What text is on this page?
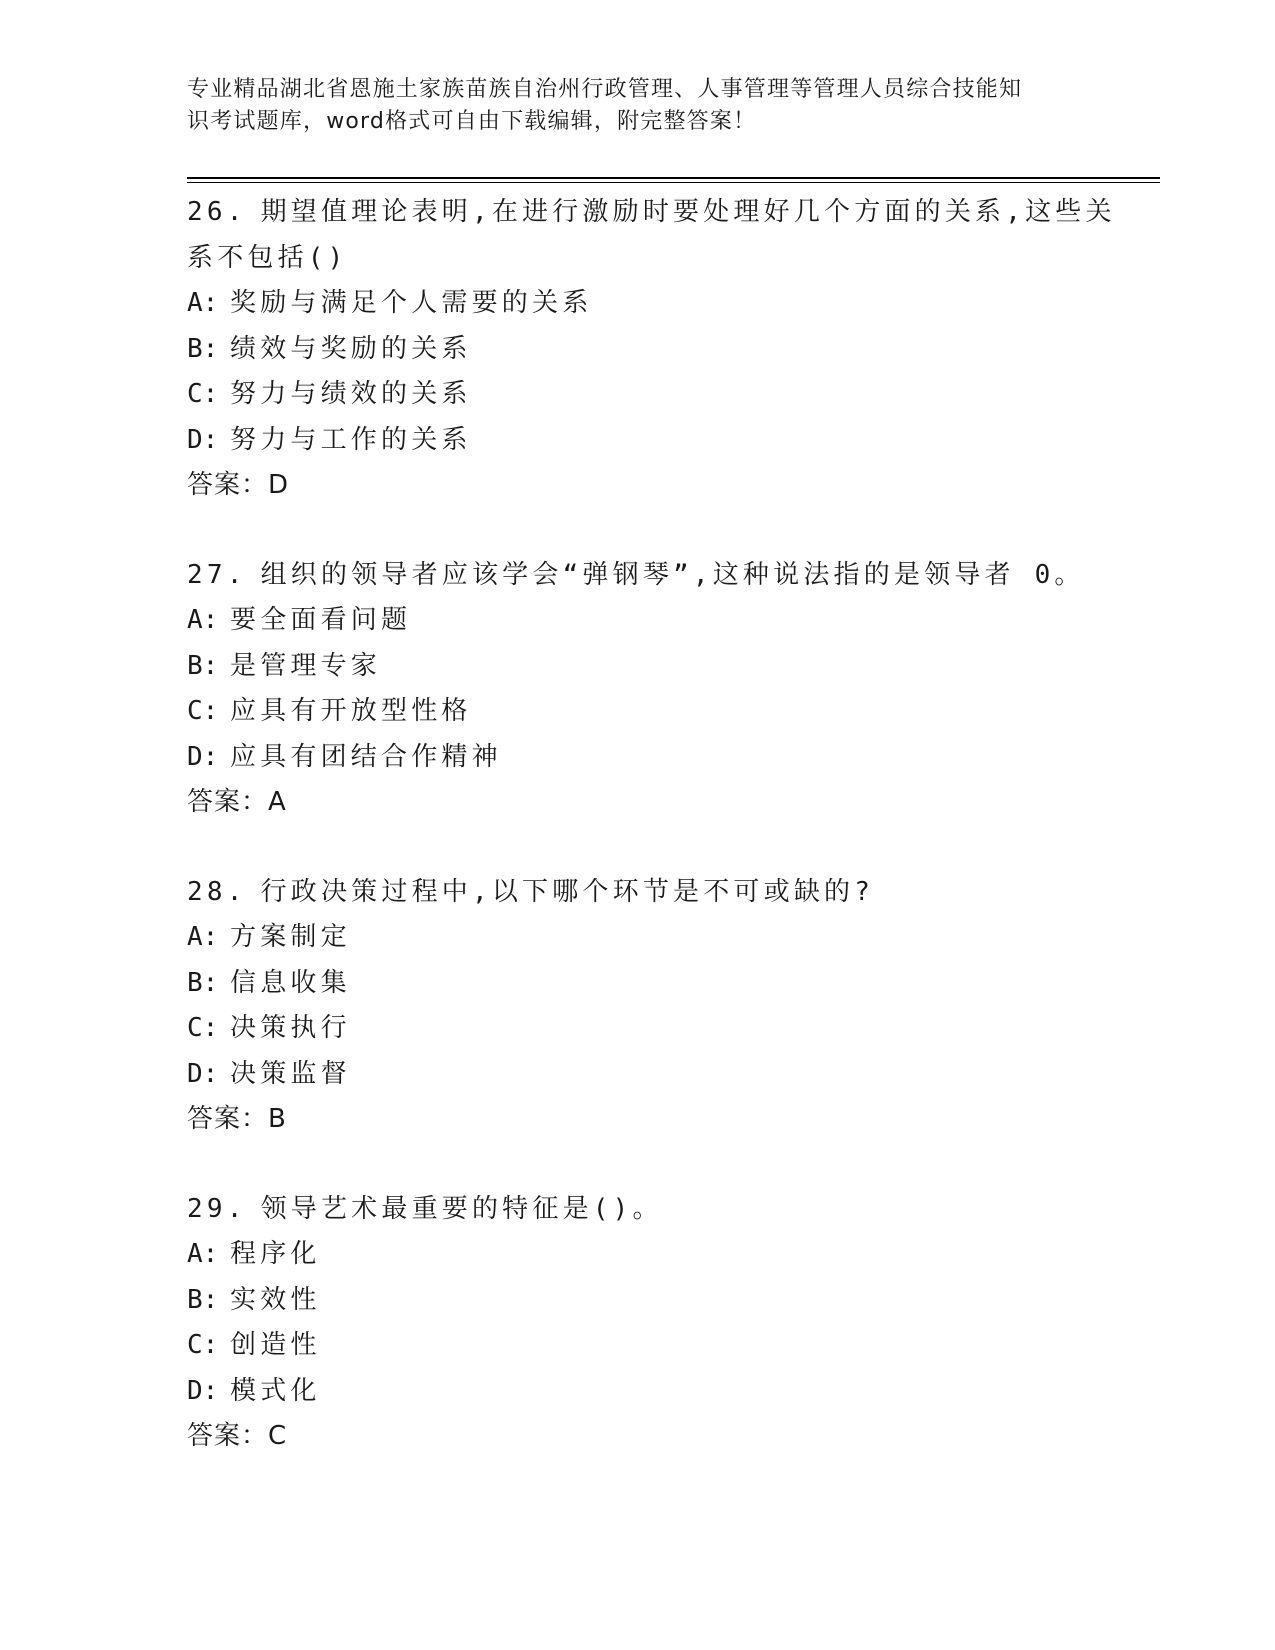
专业精品湖北省恩施土家族苗族自治州行政管理、人事管理等管理人员综合技能知
识考试题库，word格式可自由下载编辑，附完整答案！
26. 期望值理论表明,在进行激励时要处理好几个方面的关系,这些关
系不包括()
A: 奖励与满足个人需要的关系
B: 绩效与奖励的关系
C: 努力与绩效的关系
D: 努力与工作的关系
答案：D
27. 组织的领导者应该学会“弹钢琴”,这种说法指的是领导者 0。
A: 要全面看问题
B: 是管理专家
C: 应具有开放型性格
D: 应具有团结合作精神
答案：A
28. 行政决策过程中,以下哪个环节是不可或缺的?
A: 方案制定
B: 信息收集
C: 决策执行
D: 决策监督
答案：B
29. 领导艺术最重要的特征是()。
A: 程序化
B: 实效性
C: 创造性
D: 模式化
答案：C
